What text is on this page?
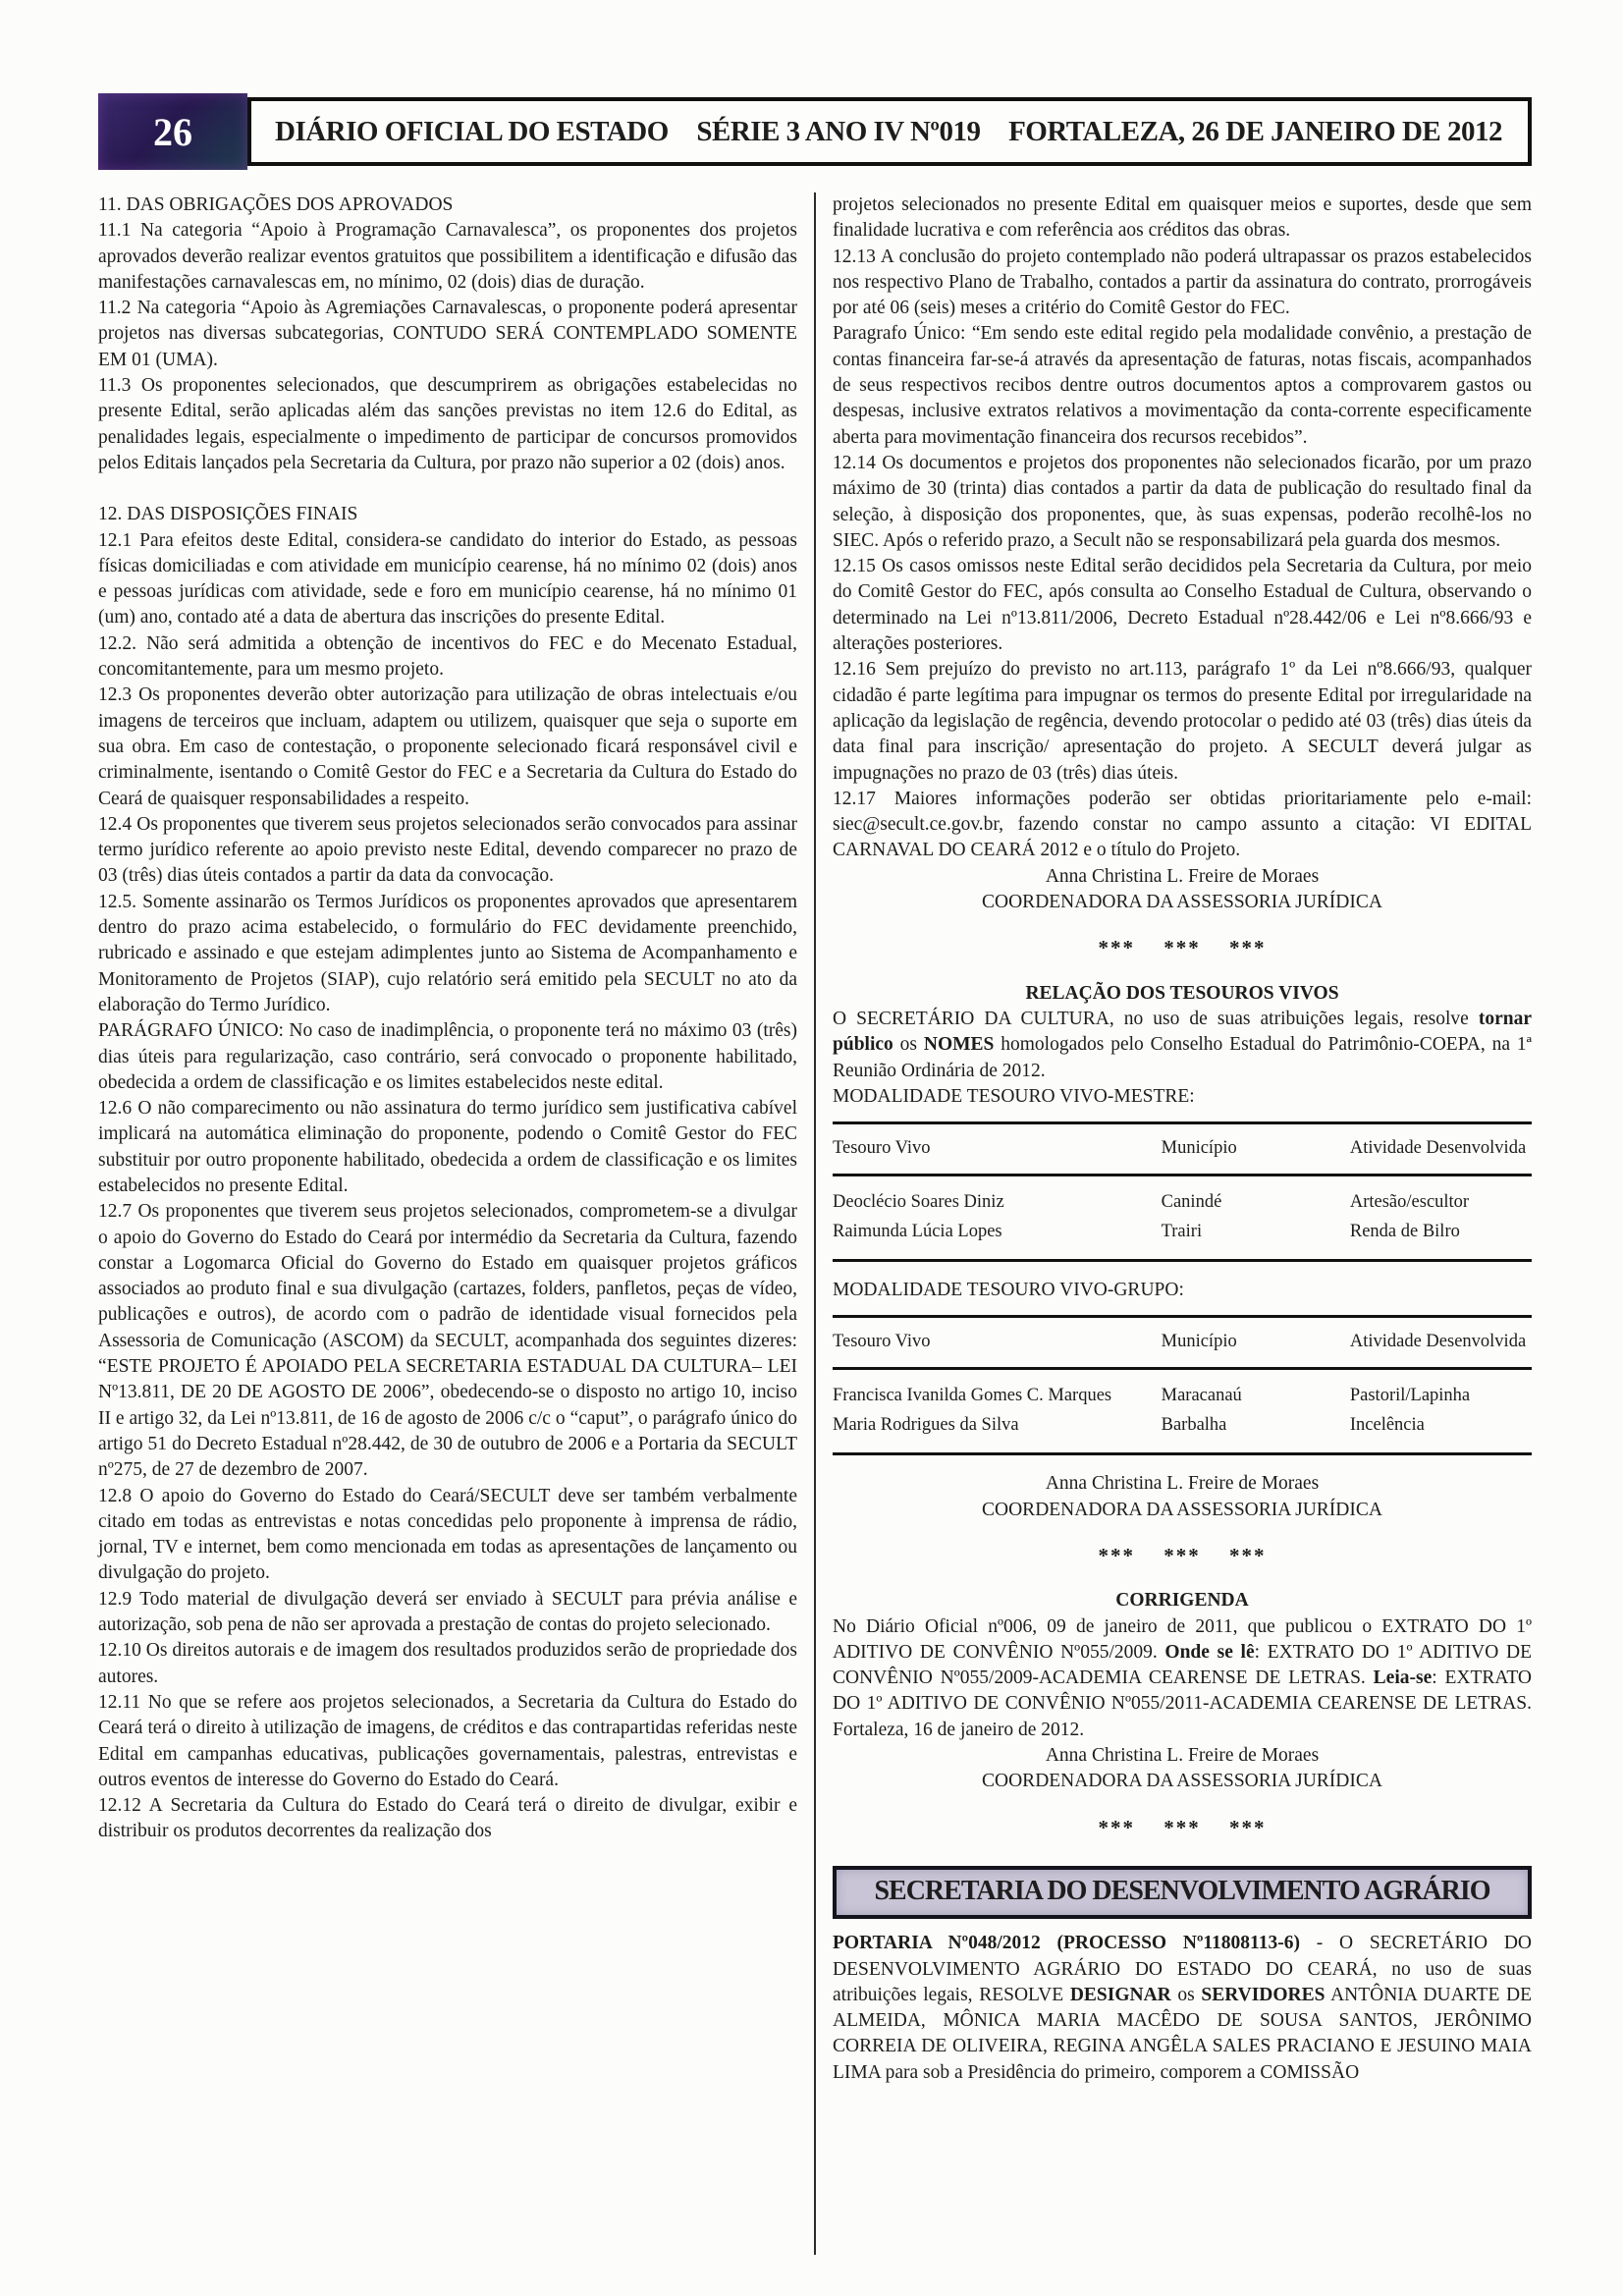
26	DIÁRIO OFICIAL DO ESTADO SÉRIE 3 ANO IV Nº019 FORTALEZA, 26 DE JANEIRO DE 2012
11. DAS OBRIGAÇÕES DOS APROVADOS
11.1 Na categoria “Apoio à Programação Carnavalesca”, os proponentes dos projetos aprovados deverão realizar eventos gratuitos que possibilitem a identificação e difusão das manifestações carnavalescas em, no mínimo, 02 (dois) dias de duração.
11.2 Na categoria “Apoio às Agremiações Carnavalescas, o proponente poderá apresentar projetos nas diversas subcategorias, CONTUDO SERÁ CONTEMPLADO SOMENTE EM 01 (UMA).
11.3 Os proponentes selecionados, que descumprirem as obrigações estabelecidas no presente Edital, serão aplicadas além das sanções previstas no item 12.6 do Edital, as penalidades legais, especialmente o impedimento de participar de concursos promovidos pelos Editais lançados pela Secretaria da Cultura, por prazo não superior a 02 (dois) anos.
12. DAS DISPOSIÇÕES FINAIS
12.1 Para efeitos deste Edital, considera-se candidato do interior do Estado, as pessoas físicas domiciliadas e com atividade em município cearense, há no mínimo 02 (dois) anos e pessoas jurídicas com atividade, sede e foro em município cearense, há no mínimo 01 (um) ano, contado até a data de abertura das inscrições do presente Edital.
12.2. Não será admitida a obtenção de incentivos do FEC e do Mecenato Estadual, concomitantemente, para um mesmo projeto.
12.3 Os proponentes deverão obter autorização para utilização de obras intelectuais e/ou imagens de terceiros que incluam, adaptem ou utilizem, quaisquer que seja o suporte em sua obra. Em caso de contestação, o proponente selecionado ficará responsável civil e criminalmente, isentando o Comitê Gestor do FEC e a Secretaria da Cultura do Estado do Ceará de quaisquer responsabilidades a respeito.
12.4 Os proponentes que tiverem seus projetos selecionados serão convocados para assinar termo jurídico referente ao apoio previsto neste Edital, devendo comparecer no prazo de 03 (três) dias úteis contados a partir da data da convocação.
12.5. Somente assinarão os Termos Jurídicos os proponentes aprovados que apresentarem dentro do prazo acima estabelecido, o formulário do FEC devidamente preenchido, rubricado e assinado e que estejam adimplentes junto ao Sistema de Acompanhamento e Monitoramento de Projetos (SIAP), cujo relatório será emitido pela SECULT no ato da elaboração do Termo Jurídico.
PARÁGRAFO ÚNICO: No caso de inadimplência, o proponente terá no máximo 03 (três) dias úteis para regularização, caso contrário, será convocado o proponente habilitado, obedecida a ordem de classificação e os limites estabelecidos neste edital.
12.6 O não comparecimento ou não assinatura do termo jurídico sem justificativa cabível implicará na automática eliminação do proponente, podendo o Comitê Gestor do FEC substituir por outro proponente habilitado, obedecida a ordem de classificação e os limites estabelecidos no presente Edital.
12.7 Os proponentes que tiverem seus projetos selecionados, comprometem-se a divulgar o apoio do Governo do Estado do Ceará por intermédio da Secretaria da Cultura, fazendo constar a Logomarca Oficial do Governo do Estado em quaisquer projetos gráficos associados ao produto final e sua divulgação (cartazes, folders, panfletos, peças de vídeo, publicações e outros), de acordo com o padrão de identidade visual fornecidos pela Assessoria de Comunicação (ASCOM) da SECULT, acompanhada dos seguintes dizeres: “ESTE PROJETO É APOIADO PELA SECRETARIA ESTADUAL DA CULTURA– LEI Nº13.811, DE 20 DE AGOSTO DE 2006”, obedecendo-se o disposto no artigo 10, inciso II e artigo 32, da Lei nº13.811, de 16 de agosto de 2006 c/c o “caput”, o parágrafo único do artigo 51 do Decreto Estadual nº28.442, de 30 de outubro de 2006 e a Portaria da SECULT nº275, de 27 de dezembro de 2007.
12.8 O apoio do Governo do Estado do Ceará/SECULT deve ser também verbalmente citado em todas as entrevistas e notas concedidas pelo proponente à imprensa de rádio, jornal, TV e internet, bem como mencionada em todas as apresentações de lançamento ou divulgação do projeto.
12.9 Todo material de divulgação deverá ser enviado à SECULT para prévia análise e autorização, sob pena de não ser aprovada a prestação de contas do projeto selecionado.
12.10 Os direitos autorais e de imagem dos resultados produzidos serão de propriedade dos autores.
12.11 No que se refere aos projetos selecionados, a Secretaria da Cultura do Estado do Ceará terá o direito à utilização de imagens, de créditos e das contrapartidas referidas neste Edital em campanhas educativas, publicações governamentais, palestras, entrevistas e outros eventos de interesse do Governo do Estado do Ceará.
12.12 A Secretaria da Cultura do Estado do Ceará terá o direito de divulgar, exibir e distribuir os produtos decorrentes da realização dos
projetos selecionados no presente Edital em quaisquer meios e suportes, desde que sem finalidade lucrativa e com referência aos créditos das obras.
12.13 A conclusão do projeto contemplado não poderá ultrapassar os prazos estabelecidos nos respectivo Plano de Trabalho, contados a partir da assinatura do contrato, prorrogáveis por até 06 (seis) meses a critério do Comitê Gestor do FEC.
Paragrafo Único: “Em sendo este edital regido pela modalidade convênio, a prestação de contas financeira far-se-á através da apresentação de faturas, notas fiscais, acompanhados de seus respectivos recibos dentre outros documentos aptos a comprovarem gastos ou despesas, inclusive extratos relativos a movimentação da conta-corrente especificamente aberta para movimentação financeira dos recursos recebidos”.
12.14 Os documentos e projetos dos proponentes não selecionados ficarão, por um prazo máximo de 30 (trinta) dias contados a partir da data de publicação do resultado final da seleção, à disposição dos proponentes, que, às suas expensas, poderão recolhê-los no SIEC. Após o referido prazo, a Secult não se responsabilizará pela guarda dos mesmos.
12.15 Os casos omissos neste Edital serão decididos pela Secretaria da Cultura, por meio do Comitê Gestor do FEC, após consulta ao Conselho Estadual de Cultura, observando o determinado na Lei nº13.811/2006, Decreto Estadual nº28.442/06 e Lei nº8.666/93 e alterações posteriores.
12.16 Sem prejuízo do previsto no art.113, parágrafo 1º da Lei nº8.666/93, qualquer cidadão é parte legítima para impugnar os termos do presente Edital por irregularidade na aplicação da legislação de regência, devendo protocolar o pedido até 03 (três) dias úteis da data final para inscrição/ apresentação do projeto. A SECULT deverá julgar as impugnações no prazo de 03 (três) dias úteis.
12.17 Maiores informações poderão ser obtidas prioritariamente pelo e-mail: siec@secult.ce.gov.br, fazendo constar no campo assunto a citação: VI EDITAL CARNAVAL DO CEARÁ 2012 e o título do Projeto.
Anna Christina L. Freire de Moraes
COORDENADORA DA ASSESSORIA JURÍDICA
*** *** ***
RELAÇÃO DOS TESOUROS VIVOS
O SECRETÁRIO DA CULTURA, no uso de suas atribuições legais, resolve tornar público os NOMES homologados pelo Conselho Estadual do Patrimônio-COEPA, na 1ª Reunião Ordinária de 2012.
MODALIDADE TESOURO VIVO-MESTRE:
Tesouro Vivo	Município	Atividade Desenvolvida
Deoclécio Soares Diniz	Canindé	Artesão/escultor
Raimunda Lúcia Lopes	Trairi	Renda de Bilro
MODALIDADE TESOURO VIVO-GRUPO:
Tesouro Vivo	Município	Atividade Desenvolvida
Francisca Ivanilda Gomes C. Marques	Maracanaú	Pastoril/Lapinha
Maria Rodrigues da Silva	Barbalha	Incelência
Anna Christina L. Freire de Moraes
COORDENADORA DA ASSESSORIA JURÍDICA
*** *** ***
CORRIGENDA
No Diário Oficial nº006, 09 de janeiro de 2011, que publicou o EXTRATO DO 1º ADITIVO DE CONVÊNIO Nº055/2009. Onde se lê: EXTRATO DO 1º ADITIVO DE CONVÊNIO Nº055/2009-ACADEMIA CEARENSE DE LETRAS. Leia-se: EXTRATO DO 1º ADITIVO DE CONVÊNIO Nº055/2011-ACADEMIA CEARENSE DE LETRAS. Fortaleza, 16 de janeiro de 2012.
Anna Christina L. Freire de Moraes
COORDENADORA DA ASSESSORIA JURÍDICA
*** *** ***
SECRETARIA DO DESENVOLVIMENTO AGRÁRIO
PORTARIA Nº048/2012 (PROCESSO Nº11808113-6) - O SECRETÁRIO DO DESENVOLVIMENTO AGRÁRIO DO ESTADO DO CEARÁ, no uso de suas atribuições legais, RESOLVE DESIGNAR os SERVIDORES ANTÔNIA DUARTE DE ALMEIDA, MÔNICA MARIA MACÊDO DE SOUSA SANTOS, JERÔNIMO CORREIA DE OLIVEIRA, REGINA ANGÊLA SALES PRACIANO E JESUINO MAIA LIMA para sob a Presidência do primeiro, comporem a COMISSÃO
